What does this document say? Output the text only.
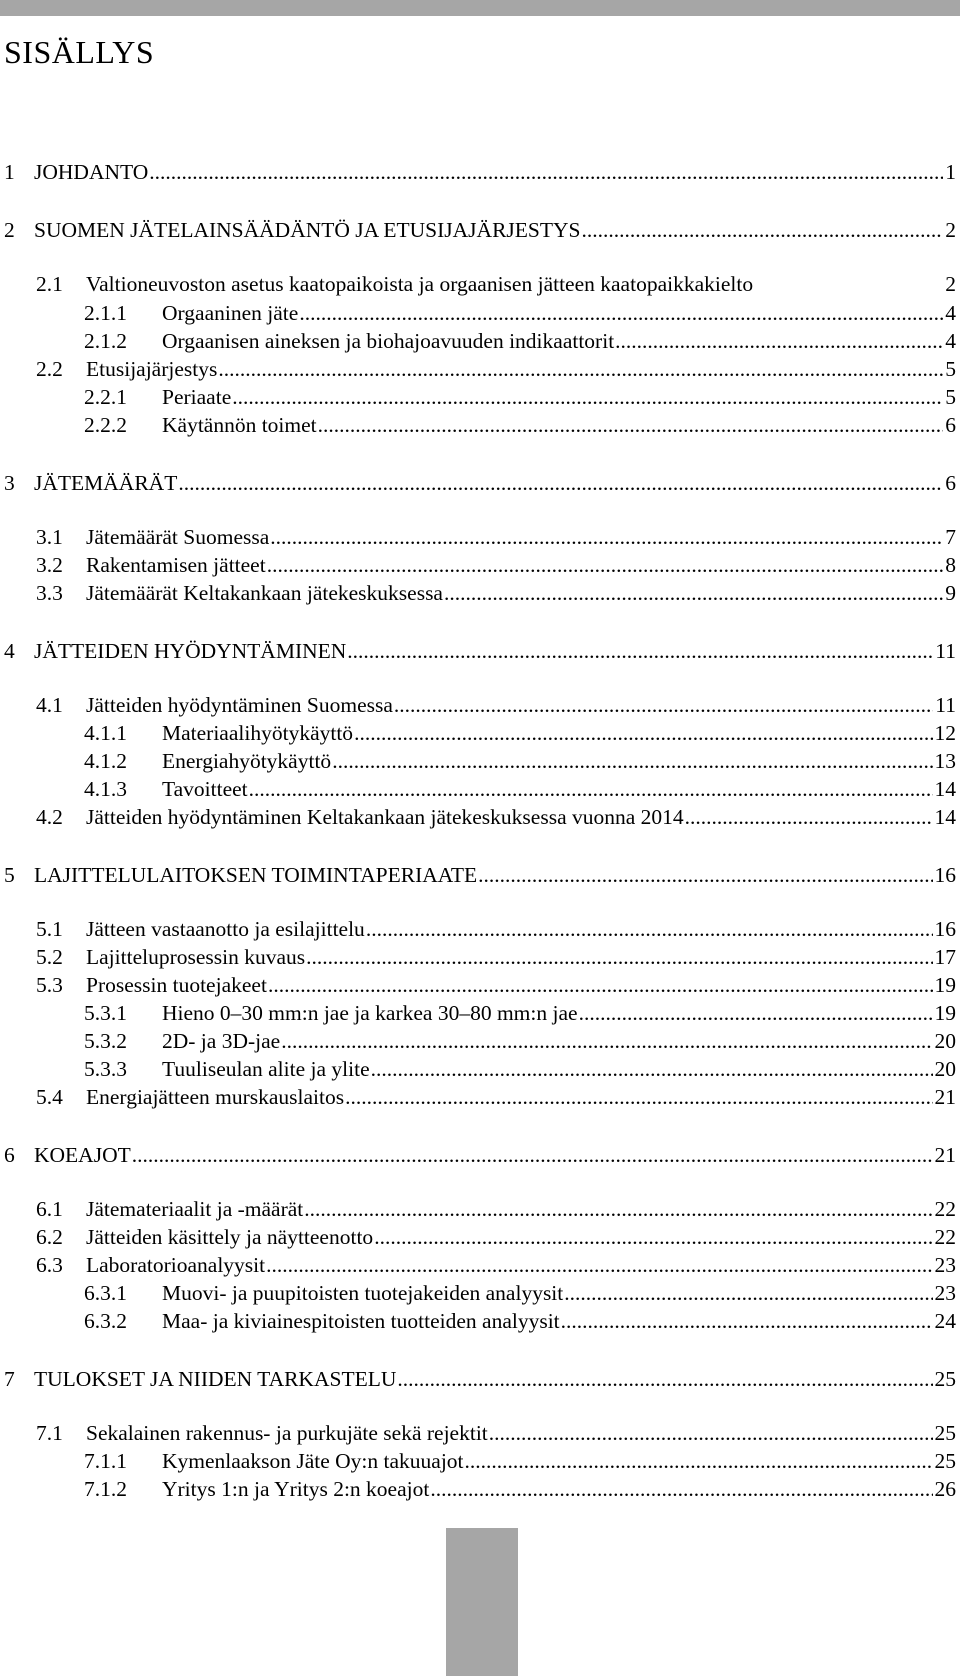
SISÄLLYS
1 JOHDANTO .....	1
2 SUOMEN JÄTELAINSÄÄDÄNTÖ JA ETUSIJAJÄRJESTYS .....	2
2.1 Valtioneuvoston asetus kaatopaikoista ja orgaanisen jätteen kaatopaikkakielto	2
2.1.1 Orgaaninen jäte .....	4
2.1.2 Orgaanisen aineksen ja biohajoavuuden indikaattorit .....	4
2.2 Etusijajärjestys .....	5
2.2.1 Periaate .....	5
2.2.2 Käytännön toimet .....	6
3 JÄTEMÄÄRÄT .....	6
3.1 Jätemäärät Suomessa .....	7
3.2 Rakentamisen jätteet .....	8
3.3 Jätemäärät Keltakankaan jätekeskuksessa .....	9
4 JÄTTEIDEN HYÖDYNTÄMINEN .....	11
4.1 Jätteiden hyödyntäminen Suomessa .....	11
4.1.1 Materiaalihyötykäyttö .....	12
4.1.2 Energiahyötykäyttö .....	13
4.1.3 Tavoitteet .....	14
4.2 Jätteiden hyödyntäminen Keltakankaan jätekeskuksessa vuonna 2014 .....	14
5 LAJITTELULAITOKSEN TOIMINTAPERIAATE .....	16
5.1 Jätteen vastaanotto ja esilajittelu .....	16
5.2 Lajitteluprosessin kuvaus .....	17
5.3 Prosessin tuotejakeet .....	19
5.3.1 Hieno 0–30 mm:n jae ja karkea 30–80 mm:n jae .....	19
5.3.2 2D- ja 3D-jae .....	20
5.3.3 Tuuliseulan alite ja ylite .....	20
5.4 Energiajätteen murskauslaitos .....	21
6 KOEAJOT .....	21
6.1 Jätemateriaalit ja -määrät .....	22
6.2 Jätteiden käsittely ja näytteenotto .....	22
6.3 Laboratorioanalyysit .....	23
6.3.1 Muovi- ja puupitoisten tuotejakeiden analyysit .....	23
6.3.2 Maa- ja kiviainespitoisten tuotteiden analyysit .....	24
7 TULOKSET JA NIIDEN TARKASTELU .....	25
7.1 Sekalainen rakennus- ja purkujäte sekä rejektit .....	25
7.1.1 Kymenlaakson Jäte Oy:n takuuajot .....	25
7.1.2 Yritys 1:n ja Yritys 2:n koeajot .....	26
